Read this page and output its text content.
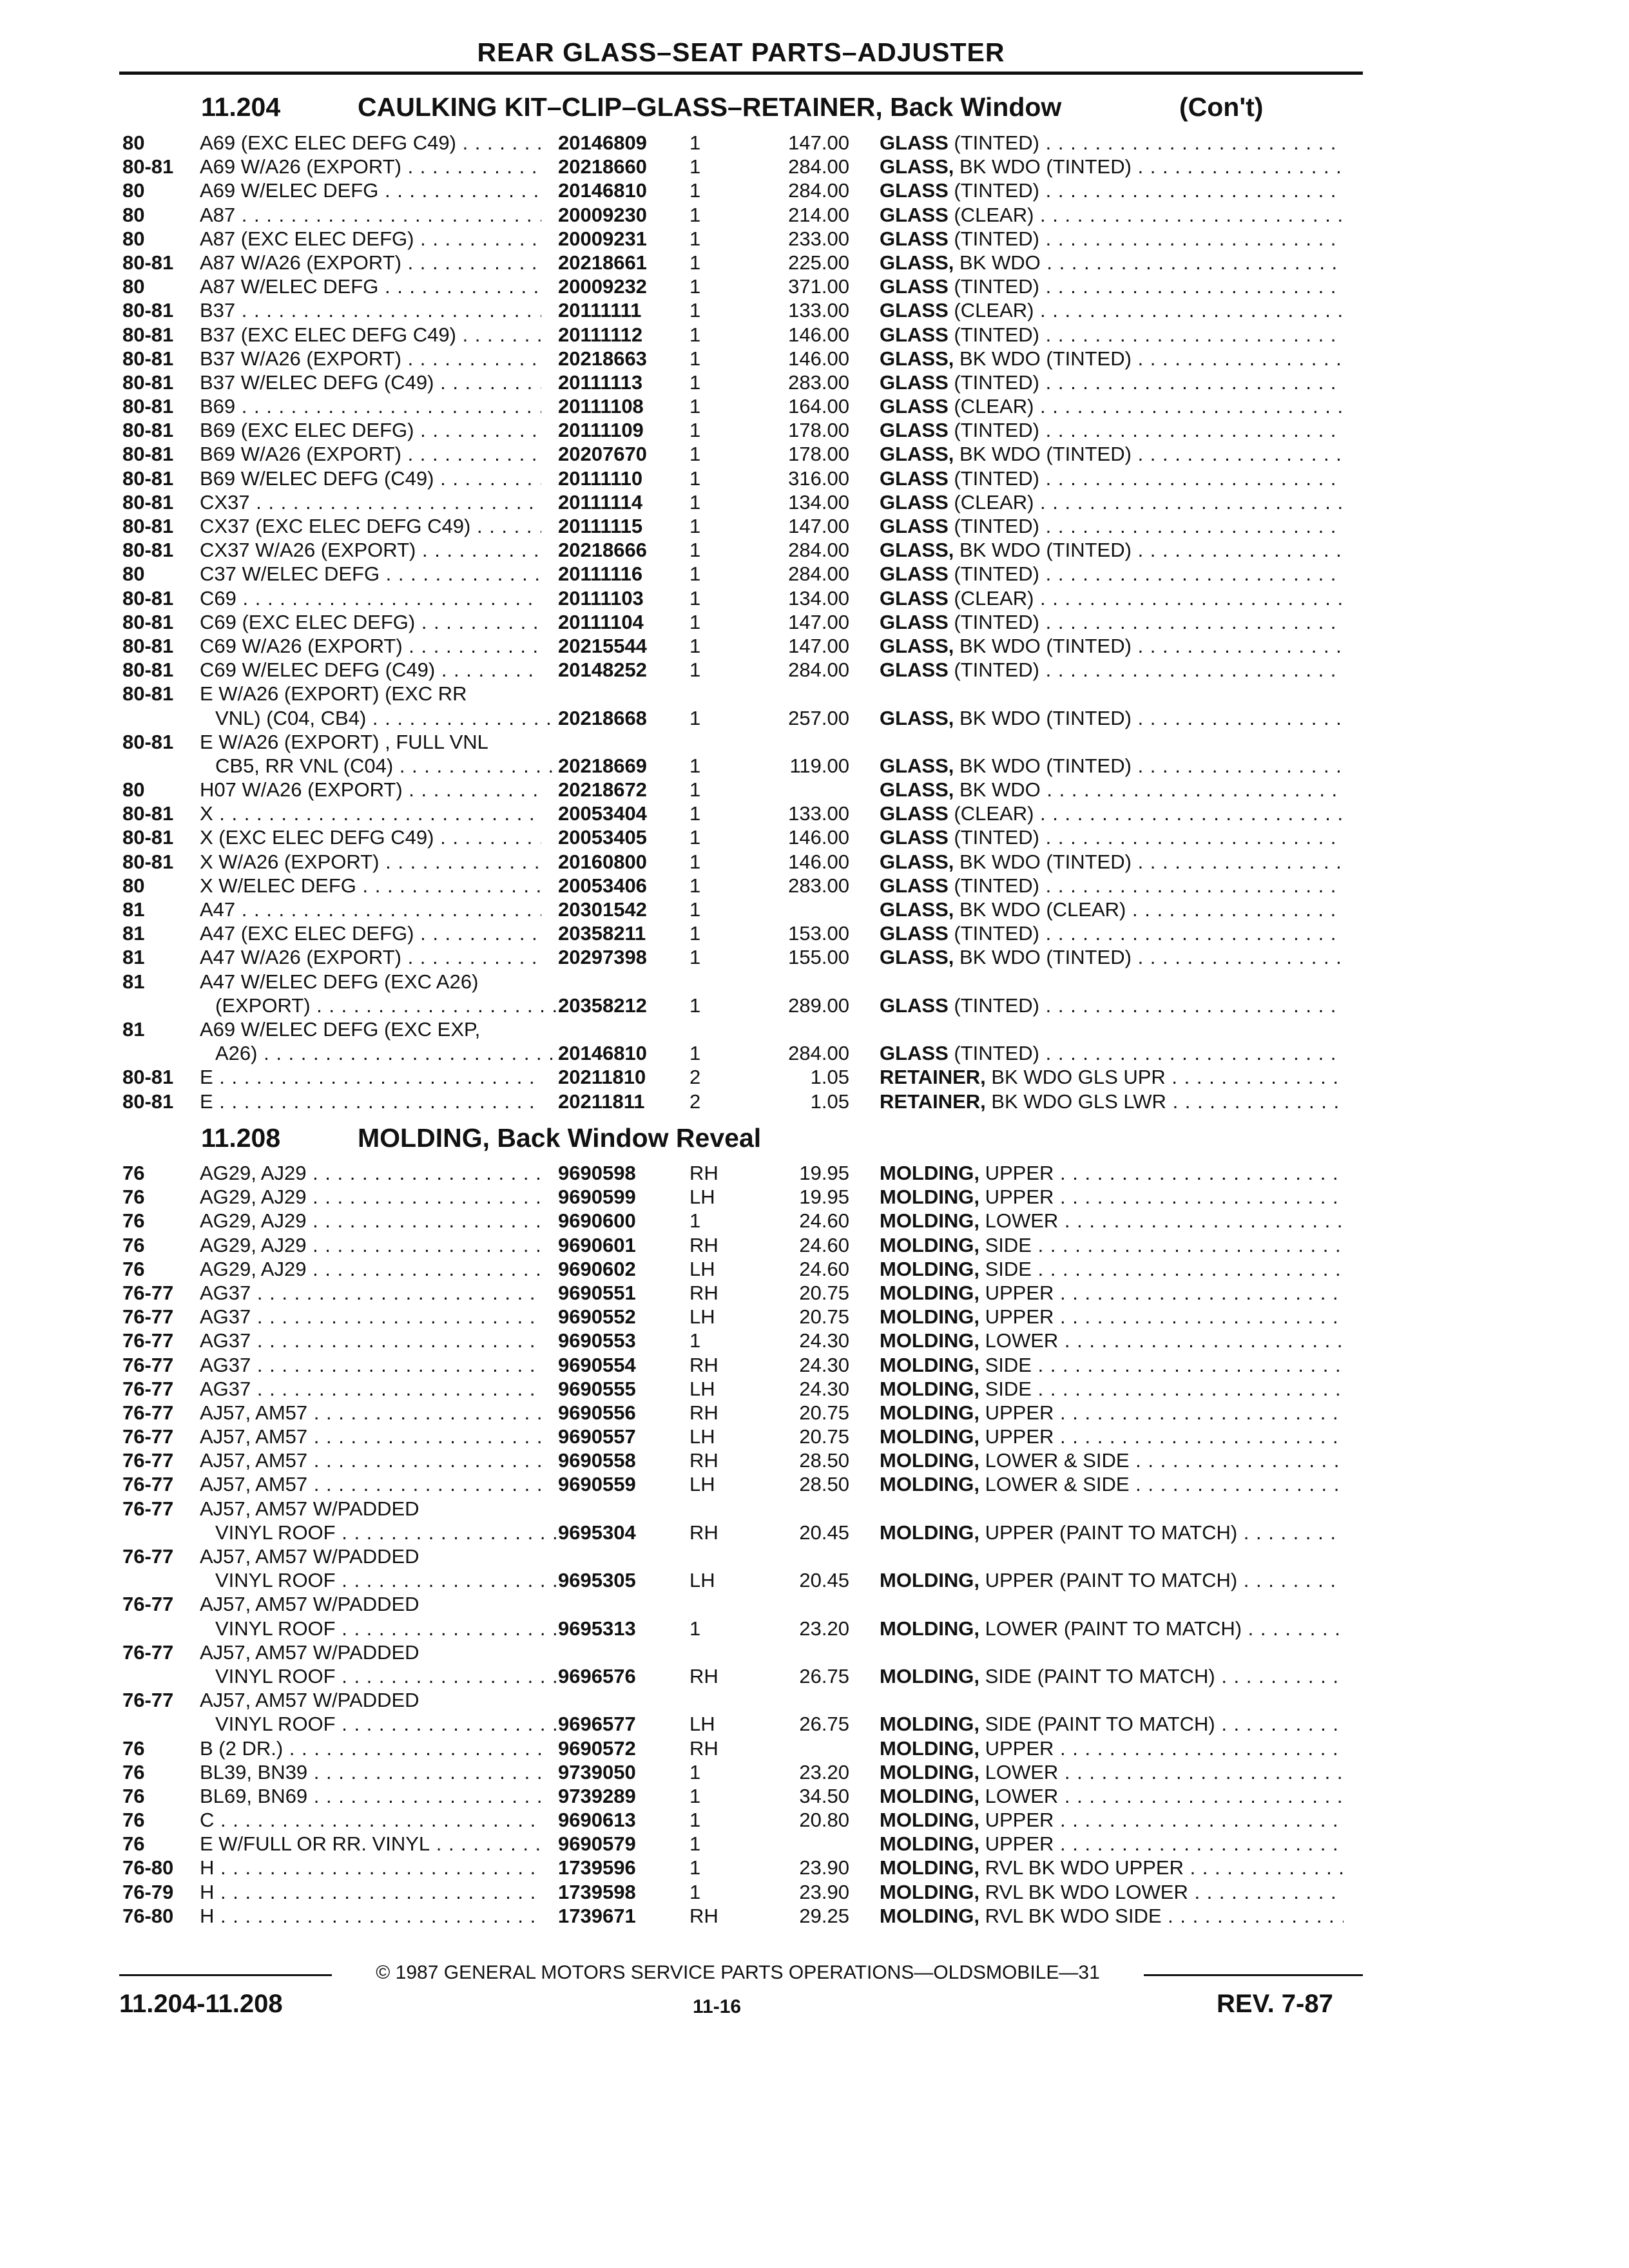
REAR GLASS–SEAT PARTS–ADJUSTER
11.204	CAULKING KIT–CLIP–GLASS–RETAINER, Back Window	(Con't)
80	A69 (EXC ELEC DEFG C49) . . .	20146809 1	147.00 GLASS (TINTED) . . .
80-81 A69 W/A26 (EXPORT) . . .	20218660 1	284.00 GLASS, BK WDO (TINTED) . . .
80	A69 W/ELEC DEFG . . .	20146810 1	284.00 GLASS (TINTED) . . .
80	A87 . . .	20009230 1	214.00 GLASS (CLEAR) . . .
80	A87 (EXC ELEC DEFG) . . .	20009231 1	233.00 GLASS (TINTED) . . .
80-81 A87 W/A26 (EXPORT) . . .	20218661 1	225.00 GLASS, BK WDO . . .
80	A87 W/ELEC DEFG . . .	20009232 1	371.00 GLASS (TINTED) . . .
80-81 B37 . . .	20111111 1	133.00 GLASS (CLEAR) . . .
80-81 B37 (EXC ELEC DEFG C49) . . .	20111112 1	146.00 GLASS (TINTED) . . .
80-81 B37 W/A26 (EXPORT) . . .	20218663 1	146.00 GLASS, BK WDO (TINTED) . . .
80-81 B37 W/ELEC DEFG (C49) . . .	20111113 1	283.00 GLASS (TINTED) . . .
80-81 B69 . . .	20111108 1	164.00 GLASS (CLEAR) . . .
80-81 B69 (EXC ELEC DEFG) . . .	20111109 1	178.00 GLASS (TINTED) . . .
80-81 B69 W/A26 (EXPORT) . . .	20207670 1	178.00 GLASS, BK WDO (TINTED) . . .
80-81 B69 W/ELEC DEFG (C49) . . .	20111110 1	316.00 GLASS (TINTED) . . .
80-81 CX37 . . .	20111114 1	134.00 GLASS (CLEAR) . . .
80-81 CX37 (EXC ELEC DEFG C49) . . .	20111115 1	147.00 GLASS (TINTED) . . .
80-81 CX37 W/A26 (EXPORT) . . .	20218666 1	284.00 GLASS, BK WDO (TINTED) . . .
80	C37 W/ELEC DEFG . . .	20111116 1	284.00 GLASS (TINTED) . . .
80-81 C69 . . .	20111103 1	134.00 GLASS (CLEAR) . . .
80-81 C69 (EXC ELEC DEFG) . . .	20111104 1	147.00 GLASS (TINTED) . . .
80-81 C69 W/A26 (EXPORT) . . .	20215544 1	147.00 GLASS, BK WDO (TINTED) . . .
80-81 C69 W/ELEC DEFG (C49) . . .	20148252 1	284.00 GLASS (TINTED) . . .
80-81 E W/A26 (EXPORT) (EXC RR
VNL) (C04, CB4) . . .	20218668 1	257.00 GLASS, BK WDO (TINTED) . . .
80-81 E W/A26 (EXPORT) , FULL VNL
CB5, RR VNL (C04) . . .	20218669 1	119.00 GLASS, BK WDO (TINTED) . . .
80	H07 W/A26 (EXPORT) . . .	20218672 1	GLASS, BK WDO . . .
80-81 X . . .	20053404 1	133.00 GLASS (CLEAR) . . .
80-81 X (EXC ELEC DEFG C49) . . .	20053405 1	146.00 GLASS (TINTED) . . .
80-81 X W/A26 (EXPORT) . . .	20160800 1	146.00 GLASS, BK WDO (TINTED) . . .
80	X W/ELEC DEFG . . .	20053406 1	283.00 GLASS (TINTED) . . .
81	A47 . . .	20301542 1	GLASS, BK WDO (CLEAR) . . .
81	A47 (EXC ELEC DEFG) . . .	20358211 1	153.00 GLASS (TINTED) . . .
81	A47 W/A26 (EXPORT) . . .	20297398 1	155.00 GLASS, BK WDO (TINTED) . . .
81	A47 W/ELEC DEFG (EXC A26)
(EXPORT) . . .	20358212 1	289.00 GLASS (TINTED) . . .
81	A69 W/ELEC DEFG (EXC EXP,
A26) . . .	20146810 1	284.00 GLASS (TINTED) . . .
80-81 E . . .	20211810 2	1.05 RETAINER, BK WDO GLS UPR . . .
80-81 E . . .	20211811 2	1.05 RETAINER, BK WDO GLS LWR . . .
11.208	MOLDING, Back Window Reveal
76	AG29, AJ29 . . .	9690598	RH	19.95 MOLDING, UPPER . . .
76	AG29, AJ29 . . .	9690599	LH	19.95 MOLDING, UPPER . . .
76	AG29, AJ29 . . .	9690600	1	24.60 MOLDING, LOWER . . .
76	AG29, AJ29 . . .	9690601	RH	24.60 MOLDING, SIDE . . .
76	AG29, AJ29 . . .	9690602	LH	24.60 MOLDING, SIDE . . .
76-77 AG37 . . .	9690551	RH	20.75 MOLDING, UPPER . . .
76-77 AG37 . . .	9690552	LH	20.75 MOLDING, UPPER . . .
76-77 AG37 . . .	9690553	1	24.30 MOLDING, LOWER . . .
76-77 AG37 . . .	9690554	RH	24.30 MOLDING, SIDE . . .
76-77 AG37 . . .	9690555	LH	24.30 MOLDING, SIDE . . .
76-77 AJ57, AM57 . . .	9690556	RH	20.75 MOLDING, UPPER . . .
76-77 AJ57, AM57 . . .	9690557	LH	20.75 MOLDING, UPPER . . .
76-77 AJ57, AM57 . . .	9690558	RH	28.50 MOLDING, LOWER & SIDE . . .
76-77 AJ57, AM57 . . .	9690559	LH	28.50 MOLDING, LOWER & SIDE . . .
76-77 AJ57, AM57 W/PADDED
VINYL ROOF . . .	9695304	RH	20.45 MOLDING, UPPER (PAINT TO MATCH) . . .
76-77 AJ57, AM57 W/PADDED
VINYL ROOF . . .	9695305	LH	20.45 MOLDING, UPPER (PAINT TO MATCH) . . .
76-77 AJ57, AM57 W/PADDED
VINYL ROOF . . .	9695313	1	23.20 MOLDING, LOWER (PAINT TO MATCH) . . .
76-77 AJ57, AM57 W/PADDED
VINYL ROOF . . .	9696576	RH	26.75 MOLDING, SIDE (PAINT TO MATCH) . . .
76-77 AJ57, AM57 W/PADDED
VINYL ROOF . . .	9696577	LH	26.75 MOLDING, SIDE (PAINT TO MATCH) . . .
76	B (2 DR.) . . .	9690572	RH	MOLDING, UPPER . . .
76	BL39, BN39 . . .	9739050	1	23.20 MOLDING, LOWER . . .
76	BL69, BN69 . . .	9739289	1	34.50 MOLDING, LOWER . . .
76	C . . .	9690613	1	20.80 MOLDING, UPPER . . .
76	E W/FULL OR RR. VINYL . . .	9690579	1	MOLDING, UPPER . . .
76-80 H . . .	1739596	1	23.90 MOLDING, RVL BK WDO UPPER . . .
76-79 H . . .	1739598	1	23.90 MOLDING, RVL BK WDO LOWER . . .
76-80 H . . .	1739671	RH	29.25 MOLDING, RVL BK WDO SIDE . . .
© 1987 GENERAL MOTORS SERVICE PARTS OPERATIONS—OLDSMOBILE—31
11.204-11.208	11-16	REV. 7-87
